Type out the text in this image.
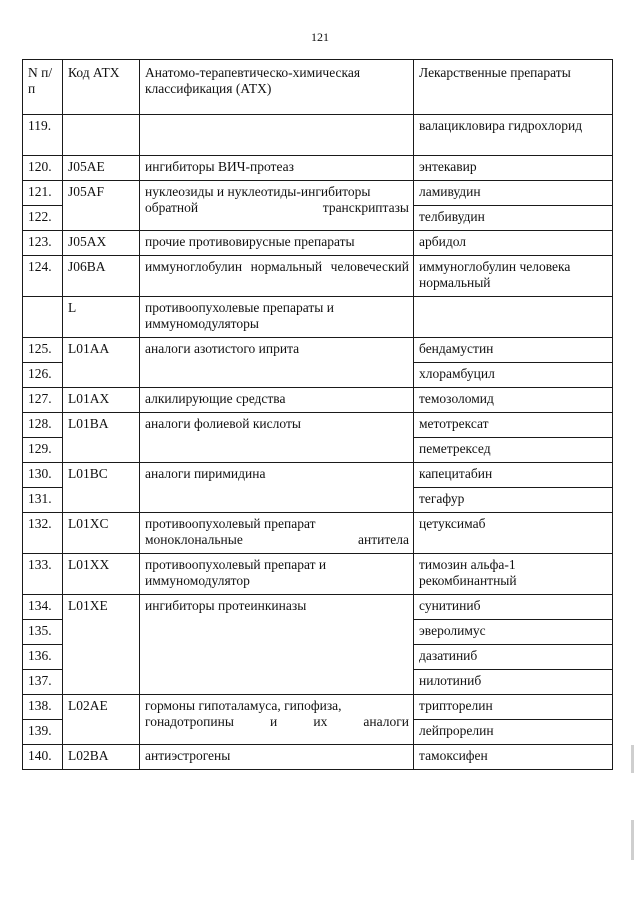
121
N п/п	Код АТХ	Анатомо-терапевтическо-химическая классификация (АТХ)	Лекарственные препараты
119.			валацикловира гидрохлорид
120.	J05AE	ингибиторы ВИЧ-протеаз	энтекавир
121.	J05AF	нуклеозиды и нуклеотиды-ингибиторы обратной транскриптазы	ламивудин
122.			телбивудин
123.	J05AX	прочие противовирусные препараты	арбидол
124.	J06BA	иммуноглобулин нормальный человеческий	иммуноглобулин человека нормальный
	L	противоопухолевые препараты и иммуномодуляторы	
125.	L01AA	аналоги азотистого иприта	бендамустин
126.			хлорамбуцил
127.	L01AX	алкилирующие средства	темозоломид
128.	L01BA	аналоги фолиевой кислоты	метотрексат
129.			пеметрексед
130.	L01BC	аналоги пиримидина	капецитабин
131.			тегафур
132.	L01XC	противоопухолевый препарат моноклональные антитела	цетуксимаб
133.	L01XX	противоопухолевый препарат и иммуномодулятор	тимозин альфа-1 рекомбинантный
134.	L01XE	ингибиторы протеинкиназы	сунитиниб
135.			эверолимус
136.			дазатиниб
137.			нилотиниб
138.	L02AE	гормоны гипоталамуса, гипофиза, гонадотропины и их аналоги	трипторелин
139.			лейпрорелин
140.	L02BA	антиэстрогены	тамоксифен
